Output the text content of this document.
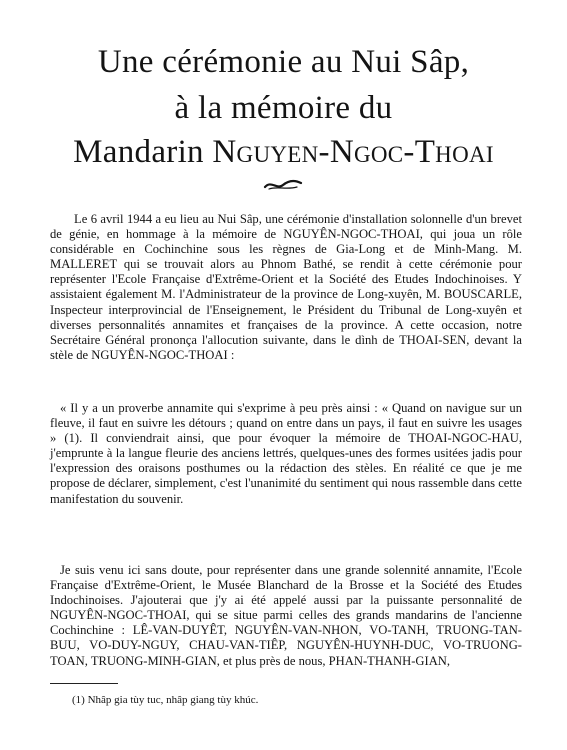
Une cérémonie au Nui Sâp,
à la mémoire du
Mandarin Nguyen-Ngoc-Thoai
Le 6 avril 1944 a eu lieu au Nui Sâp, une cérémonie d'installation solonnelle d'un brevet de génie, en hommage à la mémoire de NGUYÊN-NGOC-THOAI, qui joua un rôle considérable en Cochinchine sous les règnes de Gia-Long et de Minh-Mang. M. MALLERET qui se trouvait alors au Phnom Bathé, se rendit à cette cérémonie pour représenter l'Ecole Française d'Extrême-Orient et la Société des Etudes Indochinoises. Y assistaient également M. l'Administrateur de la province de Long-xuyên, M. BOUSCARLE, Inspecteur interprovincial de l'Enseignement, le Président du Tribunal de Long-xuyên et diverses personnalités annamites et françaises de la province. A cette occasion, notre Secrétaire Général prononça l'allocution suivante, dans le dình de THOAI-SEN, devant la stèle de NGUYÊN-NGOC-THOAI :
« Il y a un proverbe annamite qui s'exprime à peu près ainsi : « Quand on navigue sur un fleuve, il faut en suivre les détours ; quand on entre dans un pays, il faut en suivre les usages » (1). Il conviendrait ainsi, que pour évoquer la mémoire de THOAI-NGOC-HAU, j'emprunte à la langue fleurie des anciens lettrés, quelques-unes des formes usitées jadis pour l'expression des oraisons posthumes ou la rédaction des stèles. En réalité ce que je me propose de déclarer, simplement, c'est l'unanimité du sentiment qui nous rassemble dans cette manifestation du souvenir.
Je suis venu ici sans doute, pour représenter dans une grande solennité annamite, l'Ecole Française d'Extrême-Orient, le Musée Blanchard de la Brosse et la Société des Etudes Indochinoises. J'ajouterai que j'y ai été appelé aussi par la puissante personnalité de NGUYÊN-NGOC-THOAI, qui se situe parmi celles des grands mandarins de l'ancienne Cochinchine : LÊ-VAN-DUYÊT, NGUYÊN-VAN-NHON, VO-TANH, TRUONG-TAN-BUU, VO-DUY-NGUY, CHAU-VAN-TIÊP, NGUYÊN-HUYNH-DUC, VO-TRUONG-TOAN, TRUONG-MINH-GIAN, et plus près de nous, PHAN-THANH-GIAN,
(1) Nhâp gia tùy tuc, nhâp giang tùy khúc.
